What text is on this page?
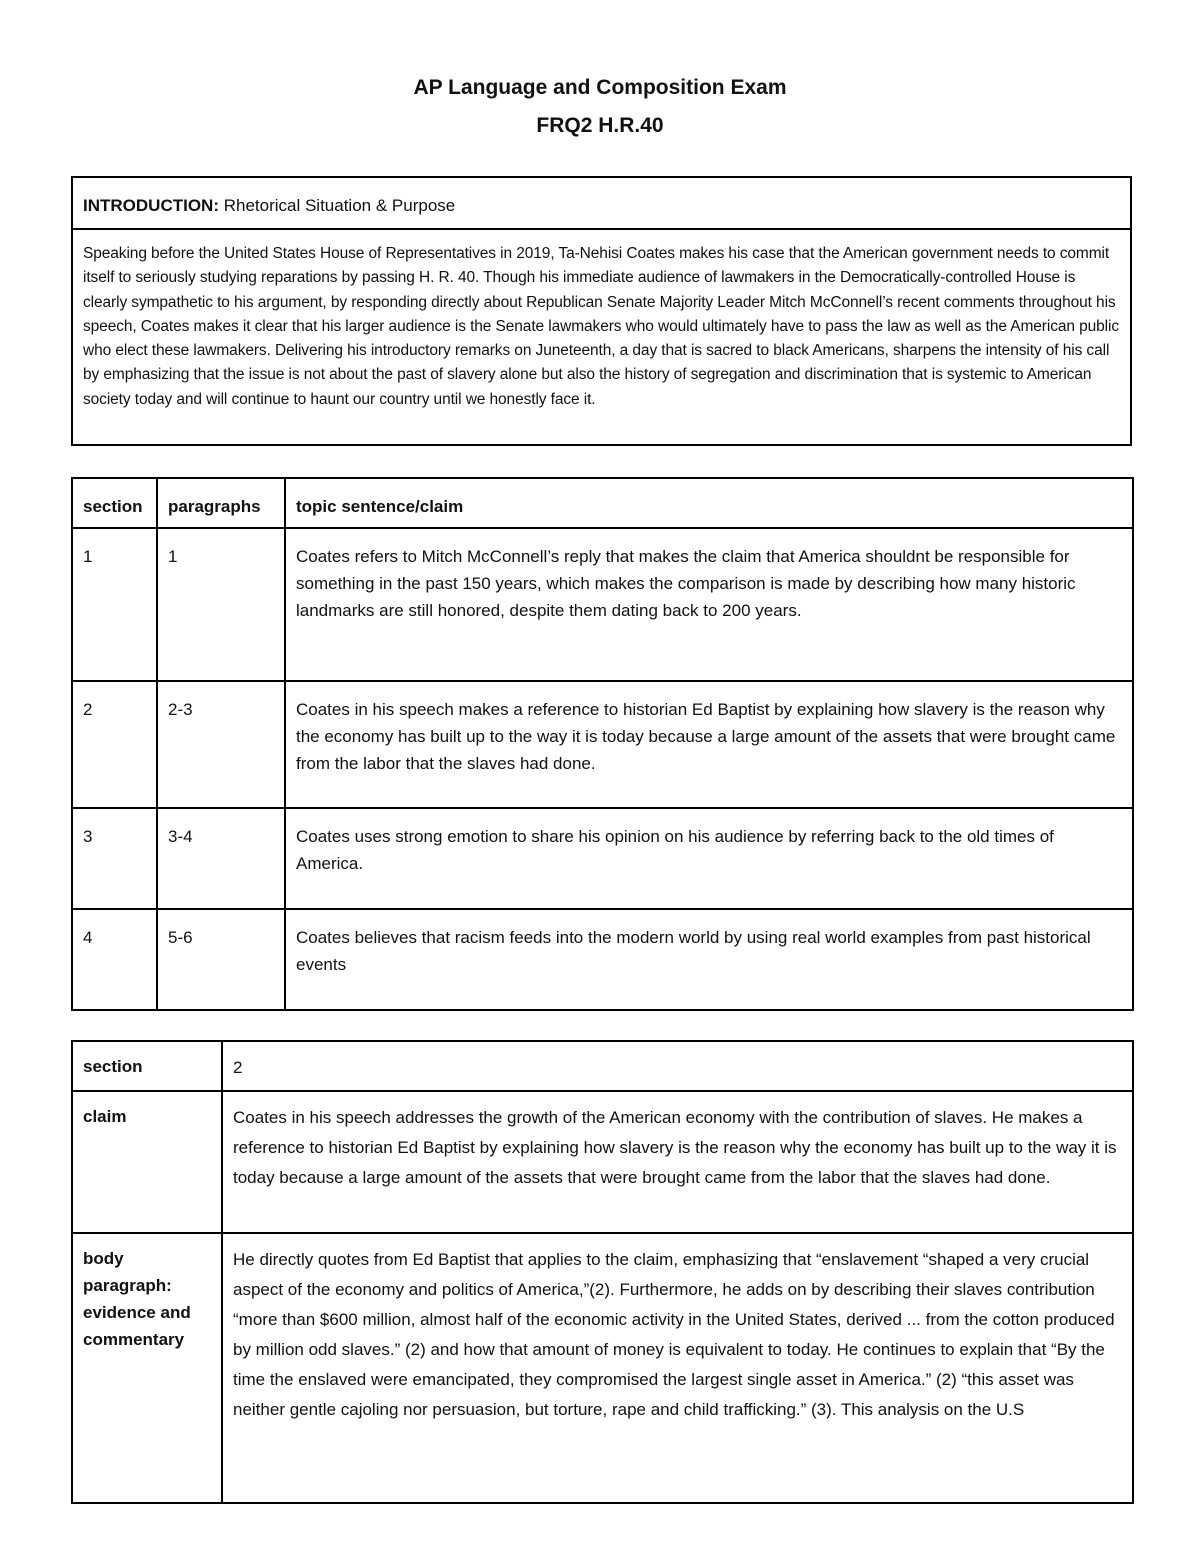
AP Language and Composition Exam
FRQ2 H.R.40
INTRODUCTION: Rhetorical Situation & Purpose

Speaking before the United States House of Representatives in 2019, Ta-Nehisi Coates makes his case that the American government needs to commit itself to seriously studying reparations by passing H. R. 40. Though his immediate audience of lawmakers in the Democratically-controlled House is clearly sympathetic to his argument, by responding directly about Republican Senate Majority Leader Mitch McConnell’s recent comments throughout his speech, Coates makes it clear that his larger audience is the Senate lawmakers who would ultimately have to pass the law as well as the American public who elect these lawmakers. Delivering his introductory remarks on Juneteenth, a day that is sacred to black Americans, sharpens the intensity of his call by emphasizing that the issue is not about the past of slavery alone but also the history of segregation and discrimination that is systemic to American society today and will continue to haunt our country until we honestly face it.
section	paragraphs	topic sentence/claim

1	1	Coates refers to Mitch McConnell’s reply that makes the claim that America shouldnt be responsible for something in the past 150 years, which makes the comparison is made by describing how many historic landmarks are still honored, despite them dating back to 200 years.

2	2-3	Coates in his speech makes a reference to historian Ed Baptist by explaining how slavery is the reason why the economy has built up to the way it is today because a large amount of the assets that were brought came from the labor that the slaves had done.

3	3-4	Coates uses strong emotion to share his opinion on his audience by referring back to the old times of America.

4	5-6	Coates believes that racism feeds into the modern world by using real world examples from past historical events
section	2

claim	Coates in his speech addresses the growth of the American economy with the contribution of slaves. He makes a reference to historian Ed Baptist by explaining how slavery is the reason why the economy has built up to the way it is today because a large amount of the assets that were brought came from the labor that the slaves had done.

body paragraph: evidence and commentary	He directly quotes from Ed Baptist that applies to the claim, emphasizing that “enslavement “shaped a very crucial aspect of the economy and politics of America,”(2). Furthermore, he adds on by describing their slaves contribution “more than $600 million, almost half of the economic activity in the United States, derived ... from the cotton produced by million odd slaves.” (2) and how that amount of money is equivalent to today. He continues to explain that “By the time the enslaved were emancipated, they compromised the largest single asset in America.” (2) “this asset was neither gentle cajoling nor persuasion, but torture, rape and child trafficking.” (3). This analysis on the U.S
